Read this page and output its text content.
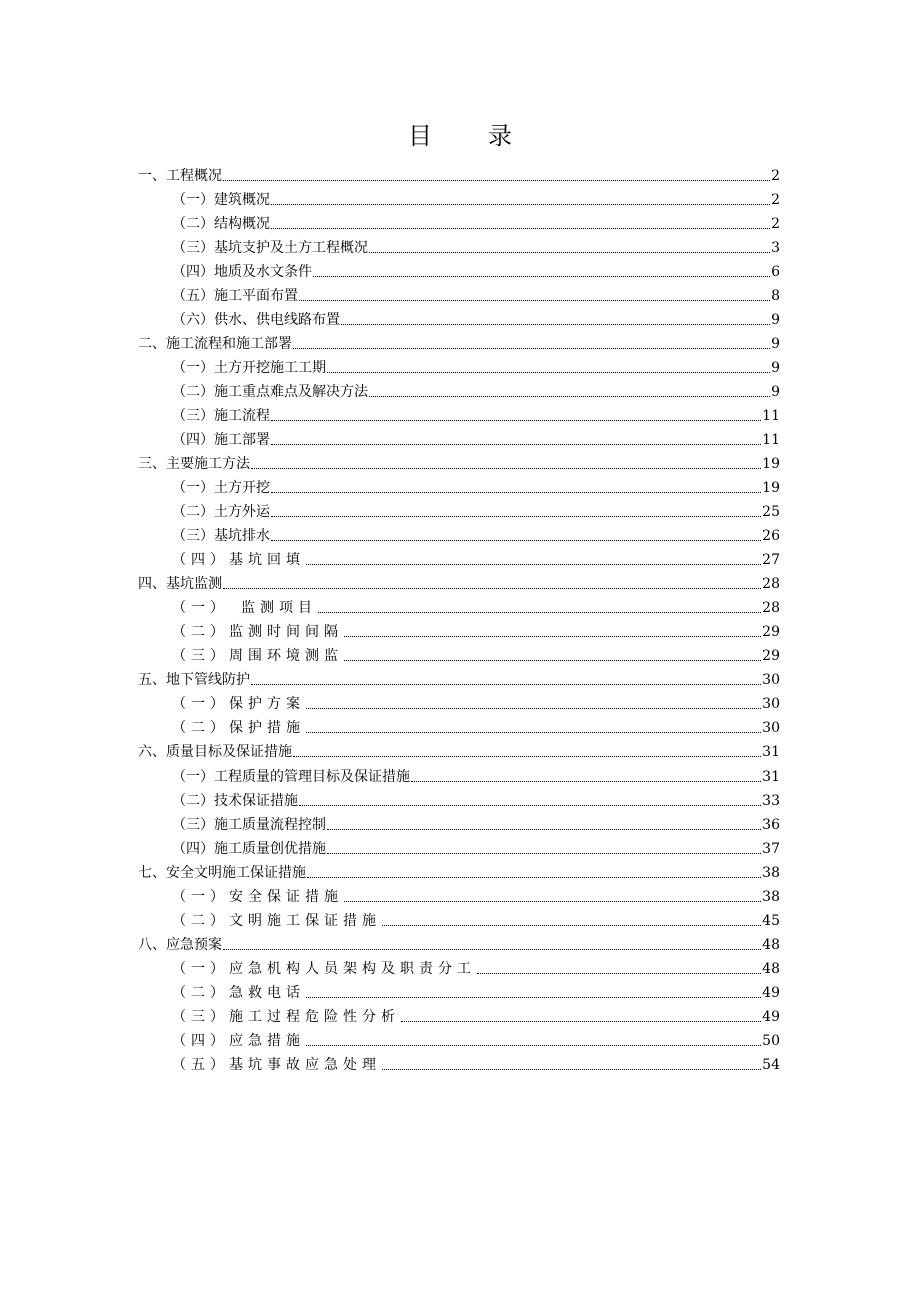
目录
一、工程概况	2
（一）建筑概况	2
（二）结构概况	2
（三）基坑支护及土方工程概况	3
（四）地质及水文条件	6
（五）施工平面布置	8
（六）供水、供电线路布置	9
二、施工流程和施工部署	9
（一）土方开挖施工工期	9
（二）施工重点难点及解决方法	9
（三）施工流程	11
（四）施工部署	11
三、主要施工方法	19
（一）土方开挖	19
（二）土方外运	25
（三）基坑排水	26
（四）基坑回填	27
四、基坑监测	28
（一）　监测项目	28
（二）监测时间间隔	29
（三）周围环境测监	29
五、地下管线防护	30
（一）保护方案	30
（二）保护措施	30
六、质量目标及保证措施	31
（一）工程质量的管理目标及保证措施	31
（二）技术保证措施	33
（三）施工质量流程控制	36
（四）施工质量创优措施	37
七、安全文明施工保证措施	38
（一）安全保证措施	38
（二）文明施工保证措施	45
八、应急预案	48
（一）应急机构人员架构及职责分工	48
（二）急救电话	49
（三）施工过程危险性分析	49
（四）应急措施	50
（五）基坑事故应急处理	54
